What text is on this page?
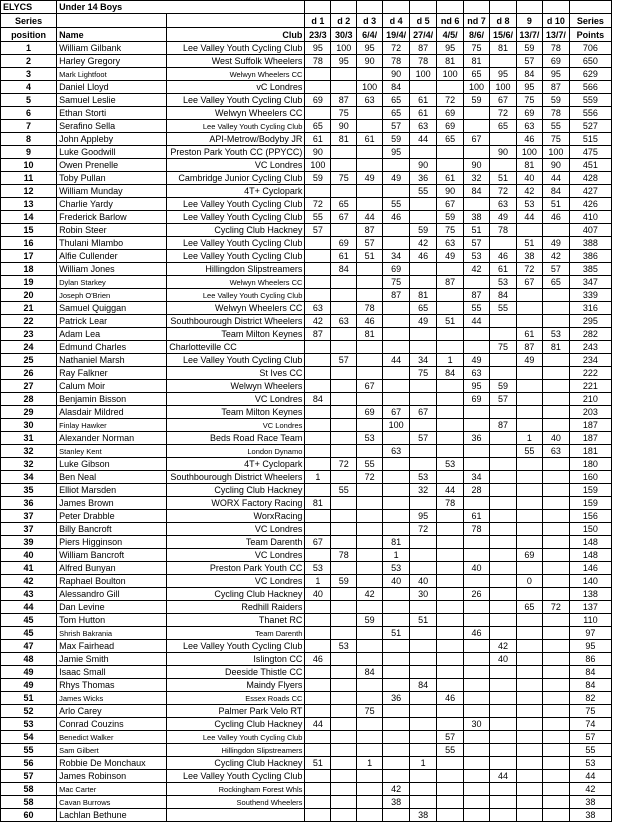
ELYCS	Under 14 Boys												
Series			d 1	d 2	d 3	d 4	d 5	nd 6	nd 7	d 8	9	d 10	Series
position	Name	Club	23/3	30/3	6/4/	19/4/	27/4/	4/5/	8/6/	15/6/	13/7/	13/7/	Points
1	William Gilbank	Lee Valley Youth Cycling Club	95	100	95	72	87	95	75	81	59	78	706
2	Harley Gregory	West Suffolk Wheelers	78	95	90	78	78	81	81		57	69	650
3	Mark Lightfoot	Welwyn Wheelers CC				90	100	100	65	95	84	95	629
4	Daniel Lloyd	vC Londres			100	84			100	100	95	87	566
5	Samuel Leslie	Lee Valley Youth Cycling Club	69	87	63	65	61	72	59	67	75	59	559
6	Ethan Storti	Welwyn Wheelers CC		75		65	61	69		72	69	78	556
7	Serafino Sella	Lee Valley Youth Cycling Club	65	90		57	63	69		65	63	55	527
8	John Appleby	API-Metrow/Bodyby JR	61	81	61	59	44	65	67		46	75	515
9	Luke Goodwill	Preston Park Youth CC (PPYCC)	90			95				90	100	100	475
10	Owen Prenelle	VC Londres	100				90		90		81	90	451
11	Toby Pullan	Cambridge Junior Cycling Club	59	75	49	49	36	61	32	51	40	44	428
12	William Munday	4T+ Cyclopark					55	90	84	72	42	84	427
13	Charlie Yardy	Lee Valley Youth Cycling Club	72	65		55		67		63	53	51	426
14	Frederick Barlow	Lee Valley Youth Cycling Club	55	67	44	46		59	38	49	44	46	410
15	Robin Steer	Cycling Club Hackney	57		87		59	75	51	78			407
16	Thulani Mlambo	Lee Valley Youth Cycling Club		69	57		42	63	57		51	49	388
17	Alfie Cullender	Lee Valley Youth Cycling Club		61	51	34	46	49	53	46	38	42	386
18	William Jones	Hillingdon Slipstreamers		84		69			42	61	72	57	385
19	Dylan Starkey	Welwyn Wheelers CC				75		87		53	67	65	347
20	Joseph O'Brien	Lee Valley Youth Cycling Club				87	81		87	84			339
21	Samuel Quiggan	Welwyn Wheelers CC	63		78		65		55	55			316
22	Patrick Lear	Southbourough District Wheelers	42	63	46		49	51	44				295
23	Adam Lea	Team Milton Keynes	87		81						61	53	282
24	Edmund Charles	Charlotteville CC								75	87	81	243
25	Nathaniel Marsh	Lee Valley Youth Cycling Club		57		44	34	1	49		49		234
26	Ray Falkner	St Ives CC					75	84	63				222
27	Calum Moir	Welwyn Wheelers			67				95	59			221
28	Benjamin Bisson	VC Londres	84						69	57			210
29	Alasdair Mildred	Team Milton Keynes			69	67	67						203
30	Finlay Hawker	VC Londres				100				87			187
31	Alexander Norman	Beds Road Race Team			53		57		36		1	40	187
32	Stanley Kent	London Dynamo				63					55	63	181
32	Luke Gibson	4T+ Cyclopark		72	55			53					180
34	Ben Neal	Southbourough District Wheelers	1		72		53		34				160
35	Elliot Marsden	Cycling Club Hackney		55			32	44	28				159
36	James Brown	WORX Factory Racing	81					78					159
37	Peter Drabble	WorxRacing					95		61				156
37	Billy Bancroft	VC Londres					72		78				150
39	Piers Higginson	Team Darenth	67			81							148
40	William Bancroft	VC Londres		78		1					69		148
41	Alfred Bunyan	Preston Park Youth CC	53			53			40				146
42	Raphael Boulton	VC Londres	1	59		40	40				0		140
43	Alessandro Gill	Cycling Club Hackney	40		42		30		26				138
44	Dan Levine	Redhill Raiders									65	72	137
45	Tom Hutton	Thanet RC			59		51						110
45	Shrish Bakrania	Team Darenth				51			46				97
47	Max Fairhead	Lee Valley Youth Cycling Club		53						42			95
48	Jamie Smith	Islington CC	46							40			86
49	Isaac Small	Deeside Thistle CC			84								84
49	Rhys Thomas	Maindy Flyers					84						84
51	James Wicks	Essex Roads CC				36		46					82
52	Arlo Carey	Palmer Park Velo RT			75								75
53	Conrad Couzins	Cycling Club Hackney	44						30				74
54	Benedict Walker	Lee Valley Youth Cycling Club						57					57
55	Sam Gilbert	Hillingdon Slipstreamers						55					55
56	Robbie De Monchaux	Cycling Club Hackney	51		1		1						53
57	James Robinson	Lee Valley Youth Cycling Club								44			44
58	Mac Carter	Rockingham Forest Whls				42							42
58	Cavan Burrows	Southend Wheelers				38							38
60	Lachlan Bethune						38						38
